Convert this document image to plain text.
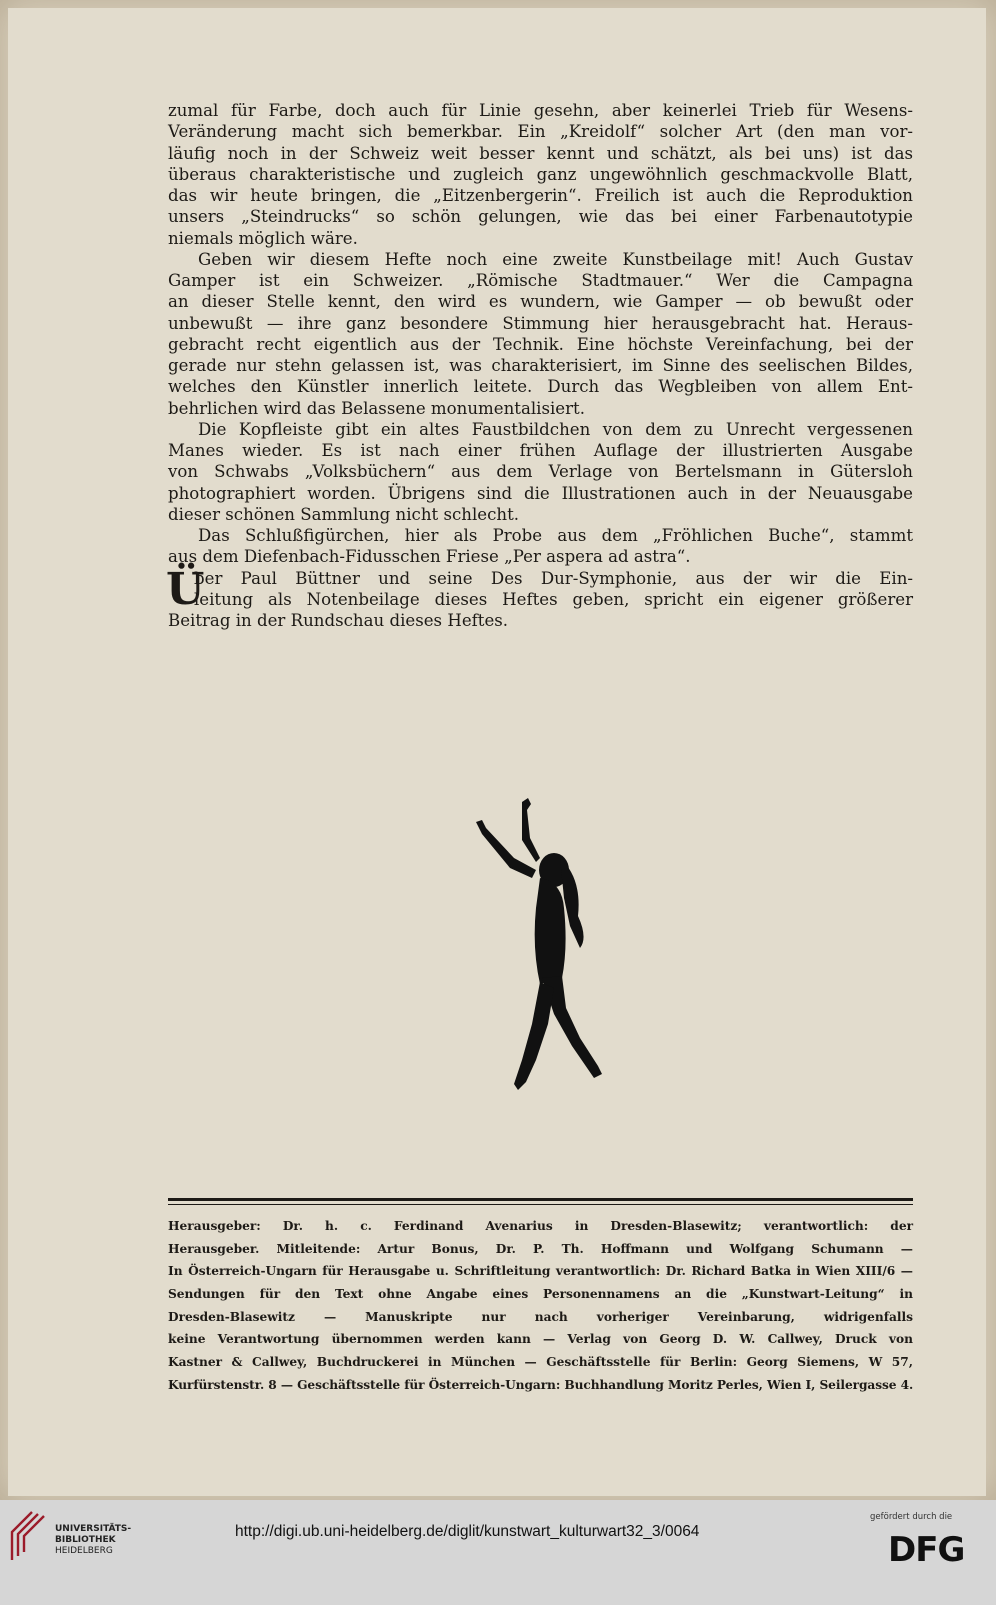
zumal für Farbe, doch auch für Linie gesehn, aber keinerlei Trieb für Wesens-
Veränderung macht sich bemerkbar. Ein „Kreidolf“ solcher Art (den man vor-
läufig noch in der Schweiz weit besser kennt und schätzt, als bei uns) ist das
überaus charakteristische und zugleich ganz ungewöhnlich geschmackvolle Blatt,
das wir heute bringen, die „Eitzenbergerin“. Freilich ist auch die Reproduktion
unsers „Steindrucks“ so schön gelungen, wie das bei einer Farbenautotypie
niemals möglich wäre.
Geben wir diesem Hefte noch eine zweite Kunstbeilage mit! Auch Gustav
Gamper ist ein Schweizer. „Römische Stadtmauer.“ Wer die Campagna
an dieser Stelle kennt, den wird es wundern, wie Gamper — ob bewußt oder
unbewußt — ihre ganz besondere Stimmung hier herausgebracht hat. Heraus-
gebracht recht eigentlich aus der Technik. Eine höchste Vereinfachung, bei der
gerade nur stehn gelassen ist, was charakterisiert, im Sinne des seelischen Bildes,
welches den Künstler innerlich leitete. Durch das Wegbleiben von allem Ent-
behrlichen wird das Belassene monumentalisiert.
Die Kopfleiste gibt ein altes Faustbildchen von dem zu Unrecht vergessenen
Manes wieder. Es ist nach einer frühen Auflage der illustrierten Ausgabe
von Schwabs „Volksbüchern“ aus dem Verlage von Bertelsmann in Gütersloh
photographiert worden. Übrigens sind die Illustrationen auch in der Neuausgabe
dieser schönen Sammlung nicht schlecht.
Das Schlußfigürchen, hier als Probe aus dem „Fröhlichen Buche“, stammt
aus dem Diefenbach-Fidusschen Friese „Per aspera ad astra“.
Ü
ber Paul Büttner und seine Des Dur-Symphonie, aus der wir die Ein-
leitung als Notenbeilage dieses Heftes geben, spricht ein eigener größerer
Beitrag in der Rundschau dieses Heftes.
Herausgeber: Dr. h. c. Ferdinand Avenarius in Dresden-Blasewitz; verantwortlich: der
Herausgeber. Mitleitende: Artur Bonus, Dr. P. Th. Hoffmann und Wolfgang Schumann —
In Österreich-Ungarn für Herausgabe u. Schriftleitung verantwortlich: Dr. Richard Batka in Wien XIII/6 —
Sendungen für den Text ohne Angabe eines Personennamens an die „Kunstwart-Leitung“ in
Dresden-Blasewitz — Manuskripte nur nach vorheriger Vereinbarung, widrigenfalls
keine Verantwortung übernommen werden kann — Verlag von Georg D. W. Callwey, Druck von
Kastner & Callwey, Buchdruckerei in München — Geschäftsstelle für Berlin: Georg Siemens, W 57,
Kurfürstenstr. 8 — Geschäftsstelle für Österreich-Ungarn: Buchhandlung Moritz Perles, Wien I, Seilergasse 4.
UNIVERSITÄTS-
BIBLIOTHEK
HEIDELBERG
http://digi.ub.uni-heidelberg.de/diglit/kunstwart_kulturwart32_3/0064
gefördert durch die
DFG
